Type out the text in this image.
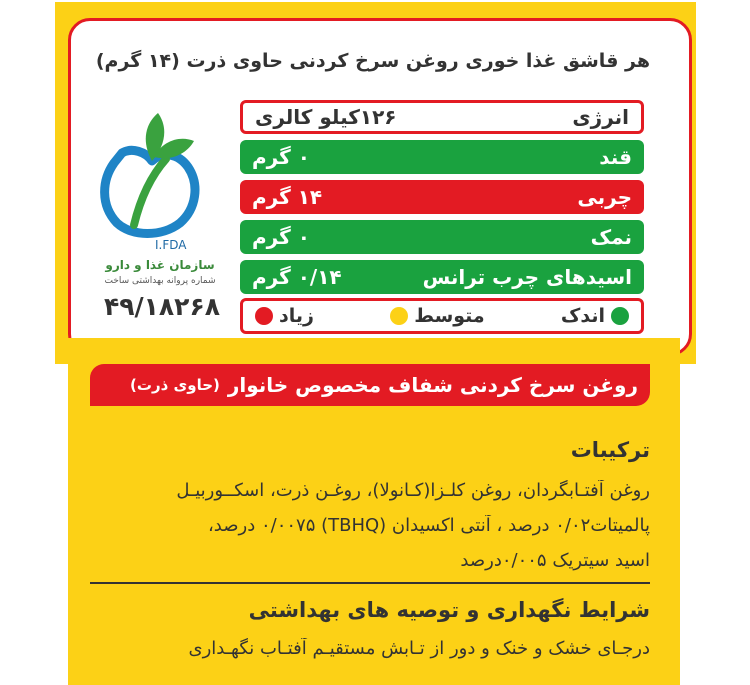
هر قاشق غذا خوری روغن سرخ کردنی حاوی ذرت (۱۴ گرم)
انرژی
۱۲۶کیلو کالری
قند
۰ گرم
چربی
۱۴ گرم
نمک
۰ گرم
اسیدهای چرب ترانس
۰/۱۴ گرم
اندک
متوسط
زیاد
I.FDA
سازمان غذا و دارو
شماره پروانه بهداشتی ساخت
۴۹/۱۸۲۶۸
روغن سرخ کردنی شفاف مخصوص خانوار
(حاوی ذرت)
ترکیبات
روغن آفتـابگردان، روغن کلـزا(کـانولا)، روغـن ذرت، اسکــوربیـل
پالمیتات۰/۰۲ درصد ، آنتی اکسیدان (TBHQ) ۰/۰۰۷۵ درصد،
اسید سیتریک ۰/۰۰۵درصد
شرایط نگهداری و توصیه های بهداشتی
درجـای خشک و خنک و دور از تـابش مستقیـم آفتـاب نگهـداری
